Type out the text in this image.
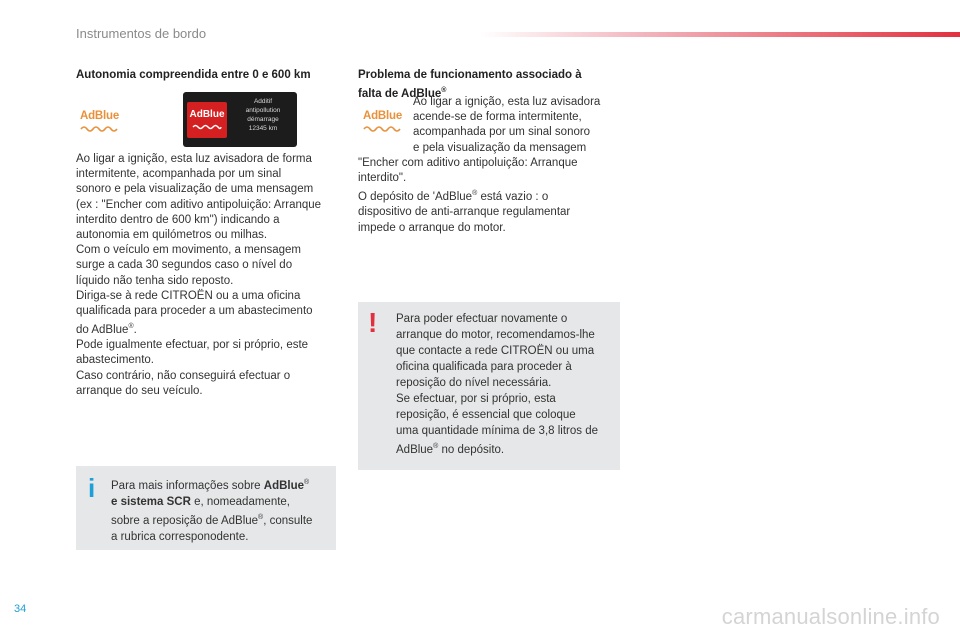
Instrumentos de bordo
Autonomia compreendida entre 0 e 600 km
AdBlue	AdBlue
Additif
antipollution
démarrage
12345 km
Ao ligar a ignição, esta luz avisadora de forma
intermitente, acompanhada por um sinal
sonoro e pela visualização de uma mensagem
(ex : "Encher com aditivo antipoluição: Arranque
interdito dentro de 600 km") indicando a
autonomia em quilómetros ou milhas.
Com o veículo em movimento, a mensagem
surge a cada 30 segundos caso o nível do
líquido não tenha sido reposto.
Diriga-se à rede CITROËN ou a uma oficina
qualificada para proceder a um abastecimento
do AdBlue®.
Pode igualmente efectuar, por si próprio, este
abastecimento.
Caso contrário, não conseguirá efectuar o
arranque do seu veículo.
i Para mais informações sobre AdBlue®
e sistema SCR e, nomeadamente,
sobre a reposição de AdBlue®, consulte
a rubrica corresponodente.
Problema de funcionamento associado à
falta de AdBlue®
AdBlue
Ao ligar a ignição, esta luz avisadora
acende-se de forma intermitente,
acompanhada por um sinal sonoro
e pela visualização da mensagem
"Encher com aditivo antipoluição: Arranque
interdito".
O depósito de 'AdBlue® está vazio : o
dispositivo de anti-arranque regulamentar
impede o arranque do motor.
! Para poder efectuar novamente o
arranque do motor, recomendamos-lhe
que contacte a rede CITROËN ou uma
oficina qualificada para proceder à
reposição do nível necessária.
Se efectuar, por si próprio, esta
reposição, é essencial que coloque
uma quantidade mínima de 3,8 litros de
AdBlue® no depósito.
34	carmanualsonline.info
